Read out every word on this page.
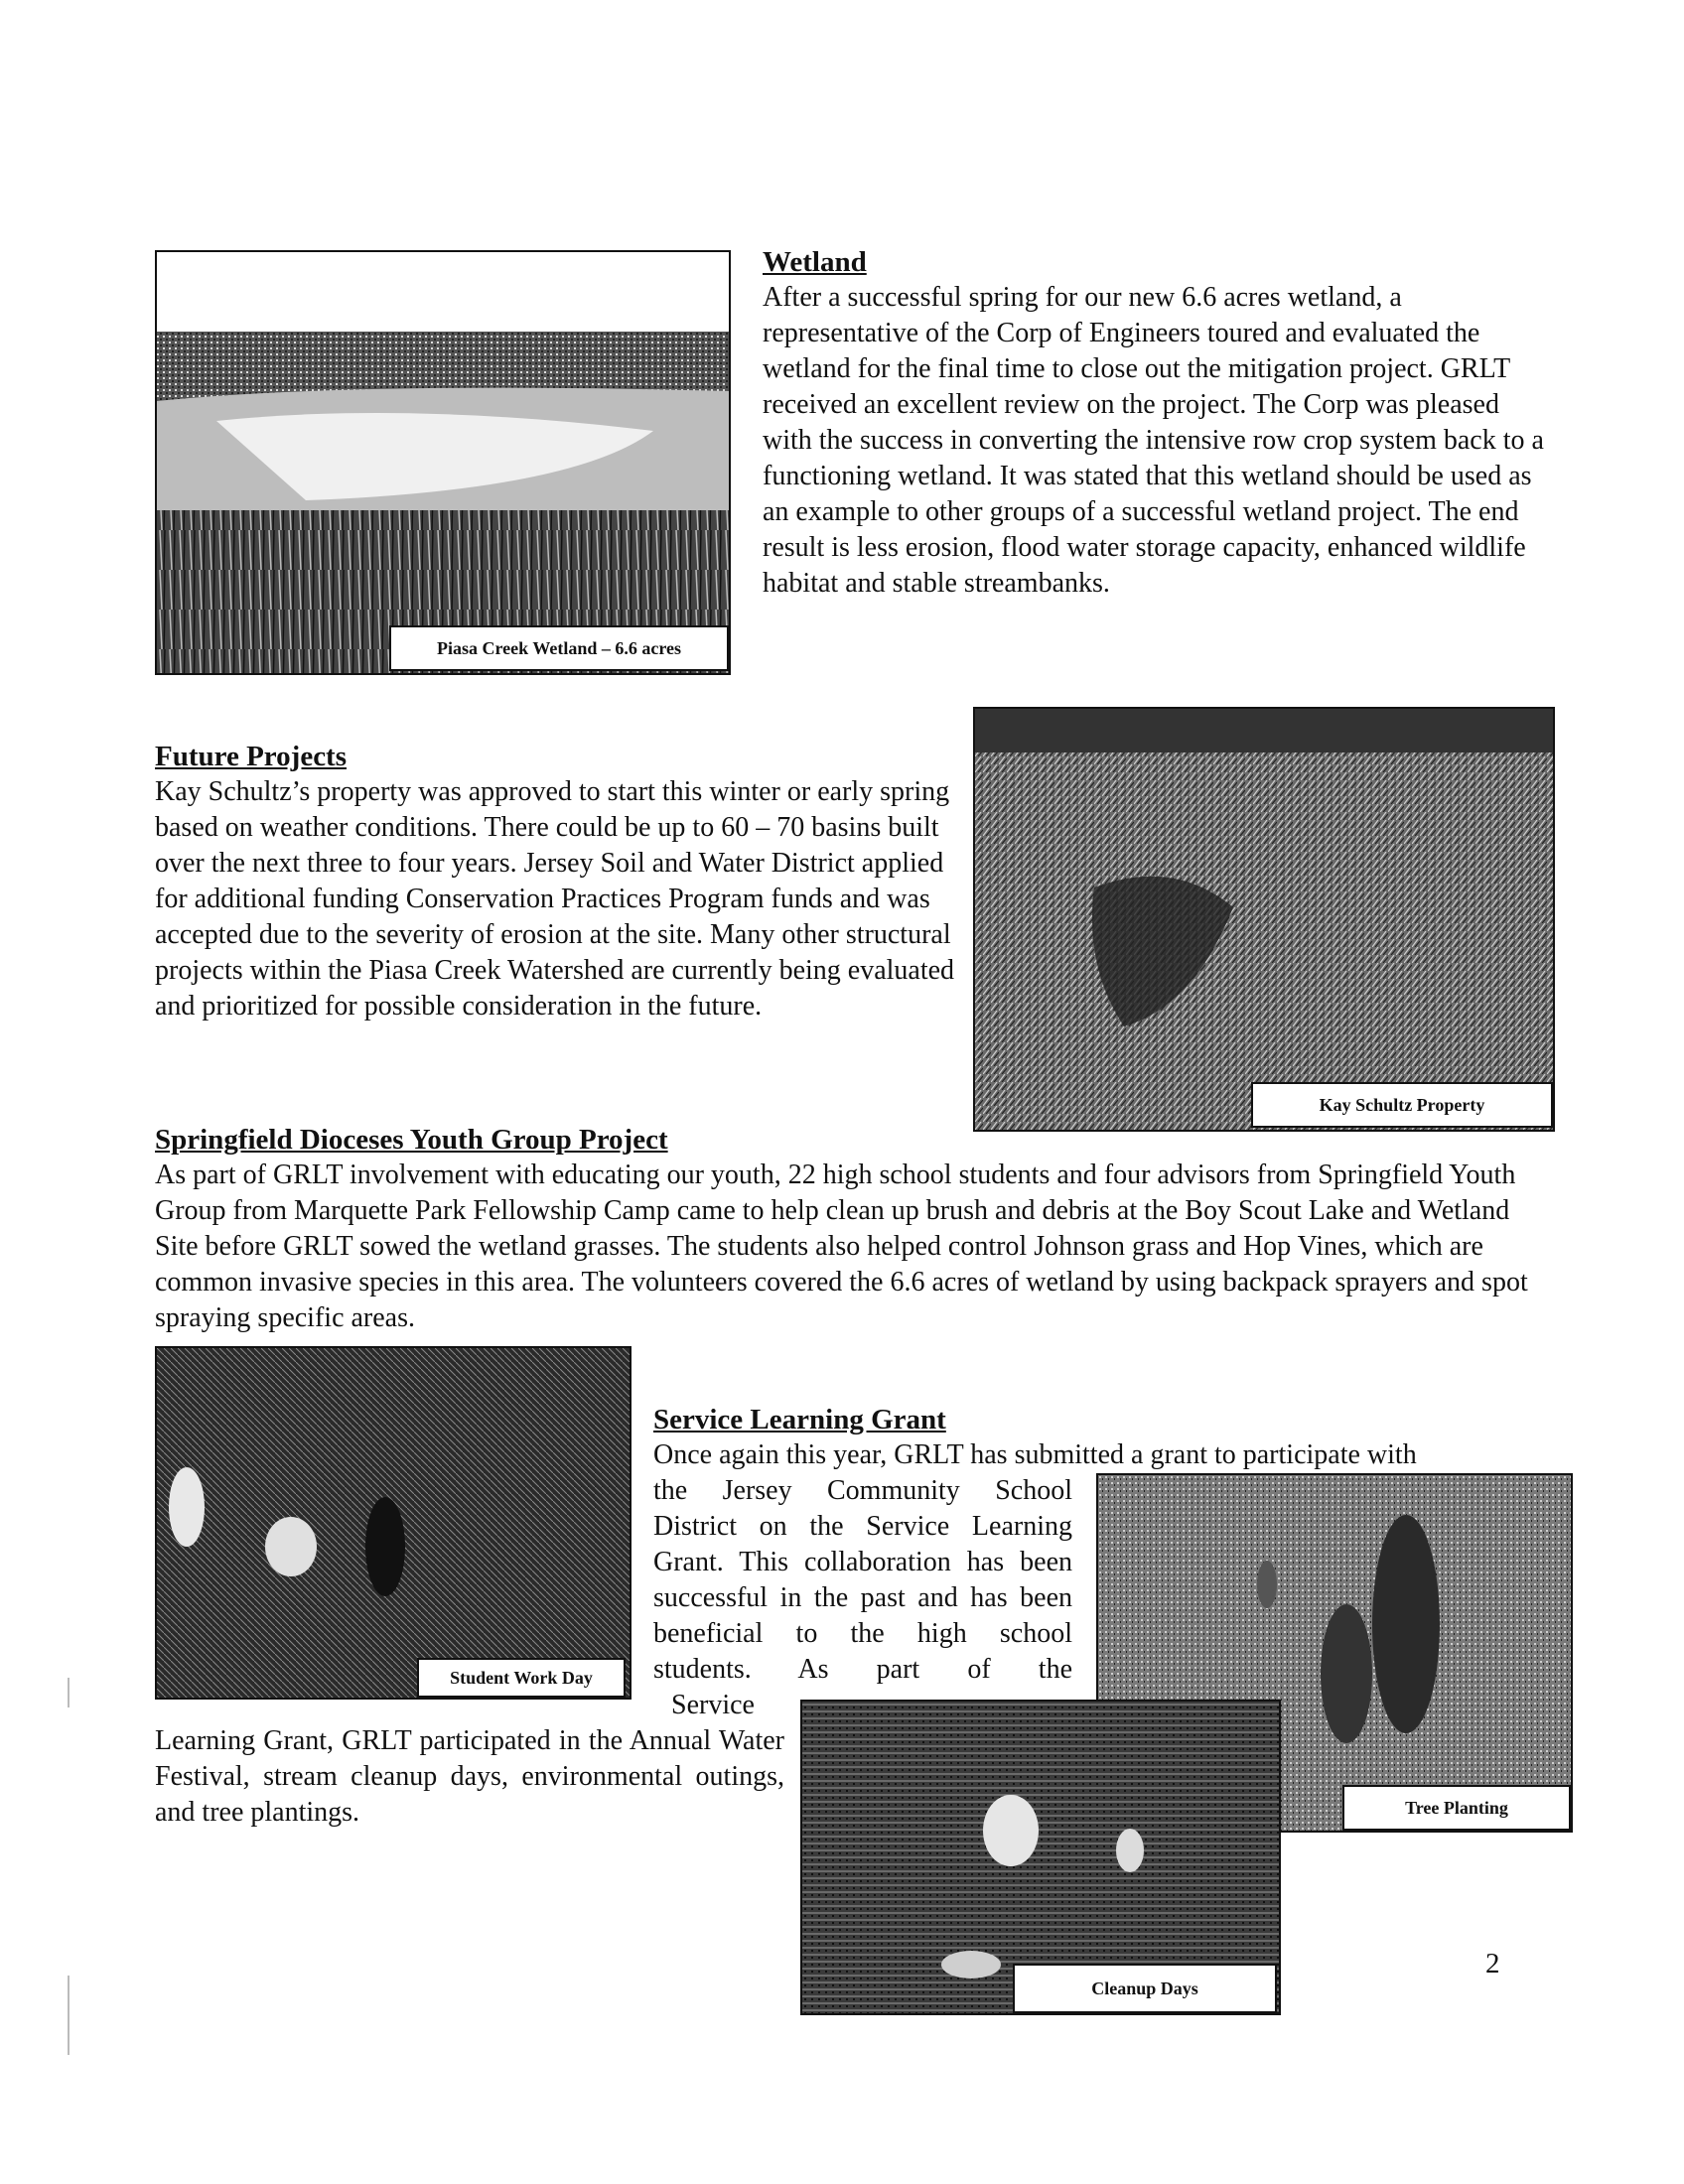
Piasa Creek Wetland – 6.6 acres

Wetland

After a successful spring for our new 6.6 acres wetland, a representative of the Corp of Engineers toured and evaluated the wetland for the final time to close out the mitigation project. GRLT received an excellent review on the project. The Corp was pleased with the success in converting the intensive row crop system back to a functioning wetland. It was stated that this wetland should be used as an example to other groups of a successful wetland project. The end result is less erosion, flood water storage capacity, enhanced wildlife habitat and stable streambanks.

Future Projects

Kay Schultz’s property was approved to start this winter or early spring based on weather conditions. There could be up to 60 – 70 basins built over the next three to four years. Jersey Soil and Water District applied for additional funding Conservation Practices Program funds and was accepted due to the severity of erosion at the site. Many other structural projects within the Piasa Creek Watershed are currently being evaluated and prioritized for possible consideration in the future.

Kay Schultz Property

Springfield Dioceses Youth Group Project

As part of GRLT involvement with educating our youth, 22 high school students and four advisors from Springfield Youth Group from Marquette Park Fellowship Camp came to help clean up brush and debris at the Boy Scout Lake and Wetland Site before GRLT sowed the wetland grasses. The students also helped control Johnson grass and Hop Vines, which are common invasive species in this area. The volunteers covered the 6.6 acres of wetland by using backpack sprayers and spot spraying specific areas.

Student Work Day

Service Learning Grant

Once again this year, GRLT has submitted a grant to participate with

the Jersey Community School District on the Service Learning Grant. This collaboration has been successful in the past and has been beneficial to the high school students. As part of the

Service

Learning Grant, GRLT participated in the Annual Water Festival, stream cleanup days, environmental outings, and tree plantings.	Tree Planting
Cleanup Days
2
